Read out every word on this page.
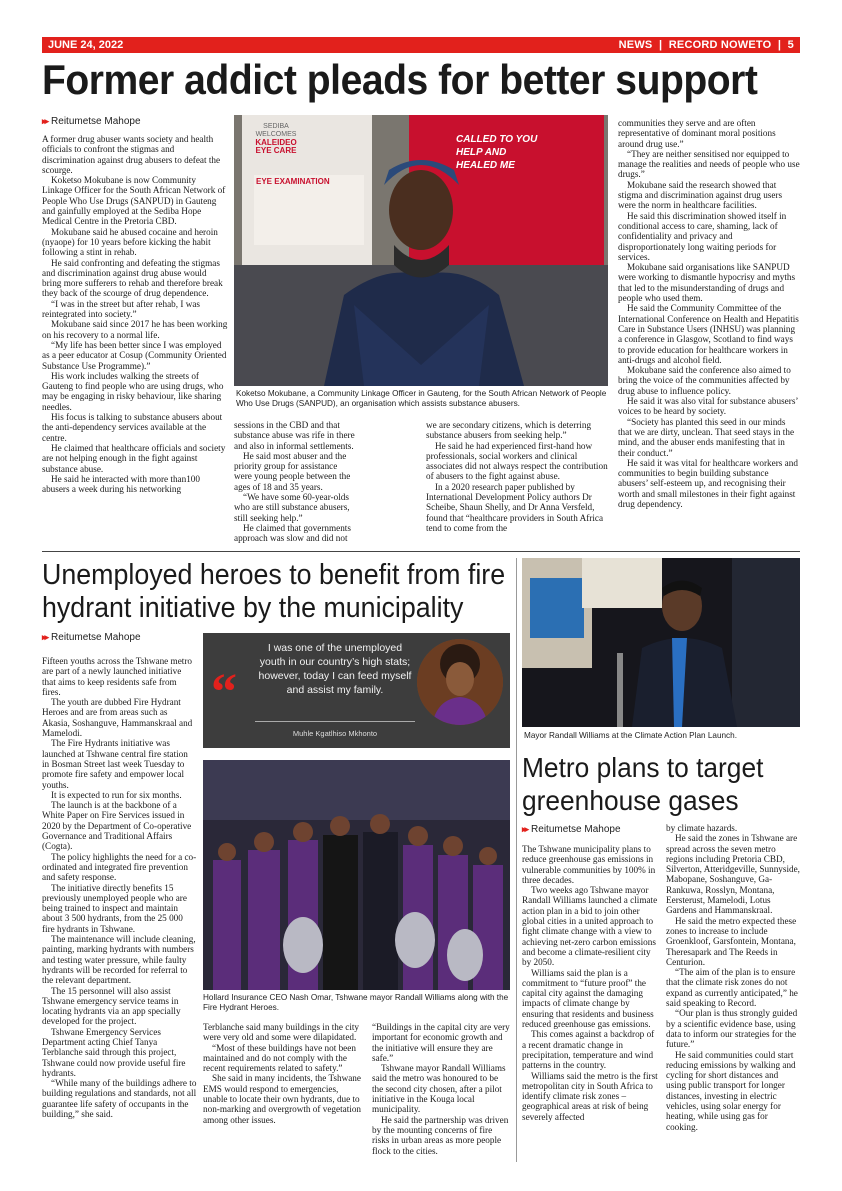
JUNE 24, 2022	NEWS  |  RECORD NOWETO  |  5
Former addict pleads for better support
▸▸ Reitumetse Mahope

A former drug abuser wants society and health officials to confront the stigmas and discrimination against drug abusers to defeat the scourge.

Koketso Mokubane is now Community Linkage Officer for the South African Network of People Who Use Drugs (SANPUD) in Gauteng and gainfully employed at the Sediba Hope Medical Centre in the Pretoria CBD.

Mokubane said he abused cocaine and heroin (nyaope) for 10 years before kicking the habit following a stint in rehab.

He said confronting and defeating the stigmas and discrimination against drug abuse would bring more sufferers to rehab and therefore break they back of the scourge of drug dependence.

“I was in the street but after rehab, I was reintegrated into society.”

Mokubane said since 2017 he has been working on his recovery to a normal life.

“My life has been better since I was employed as a peer educator at Cosup (Community Oriented Substance Use Programme).”

His work includes walking the streets of Gauteng to find people who are using drugs, who may be engaging in risky behaviour, like sharing needles.

His focus is talking to substance abusers about the anti-dependency services available at the centre.

He claimed that healthcare officials and society are not helping enough in the fight against substance abuse.

He said he interacted with more than100 abusers a week during his networking

SEDIBA
WELCOMES
KALEIDEO
EYE CARE
EYE EXAMINATION
CALLED TO YOU
HELP AND
HEALED ME
Koketso Mokubane, a Community Linkage Officer in Gauteng, for the South African Network of People Who Use Drugs (SANPUD), an organisation which assists substance abusers.

sessions in the CBD and that substance abuse was rife in there and also in informal settlements.

He said most abuser and the priority group for assistance were young people between the ages of 18 and 35 years.

“We have some 60-year-olds who are still substance abusers, still seeking help.”

He claimed that governments approach was slow and did not

we are secondary citizens, which is deterring substance abusers from seeking help.”

He said he had experienced first-hand how professionals, social workers and clinical associates did not always respect the contribution of abusers to the fight against abuse.

In a 2020 research paper published by International Development Policy authors Dr Scheibe, Shaun Shelly, and Dr Anna Versfeld, found that “healthcare providers in South Africa tend to come from the

communities they serve and are often representative of dominant moral positions around drug use.”

“They are neither sensitised nor equipped to manage the realities and needs of people who use drugs.”

Mokubane said the research showed that stigma and discrimination against drug users were the norm in healthcare facilities.

He said this discrimination showed itself in conditional access to care, shaming, lack of confidentiality and privacy and disproportionately long waiting periods for services.

Mokubane said organisations like SANPUD were working to dismantle hypocrisy and myths that led to the misunderstanding of drugs and people who used them.

He said the Community Committee of the International Conference on Health and Hepatitis Care in Substance Users (INHSU) was planning a conference in Glasgow, Scotland to find ways to provide education for healthcare workers in anti-drugs and alcohol field.

Mokubane said the conference also aimed to bring the voice of the communities affected by drug abuse to influence policy.

He said it was also vital for substance abusers’ voices to be heard by society.

“Society has planted this seed in our minds that we are dirty, unclean. That seed stays in the mind, and the abuser ends manifesting that in their conduct.”

He said it was vital for healthcare workers and communities to begin building substance abusers’ self-esteem up, and recognising their worth and small milestones in their fight against drug dependency.

Unemployed heroes to benefit from fire
hydrant initiative by the municipality
▸▸ Reitumetse Mahope

Fifteen youths across the Tshwane metro are part of a newly launched initiative that aims to keep residents safe from fires.

The youth are dubbed Fire Hydrant Heroes and are from areas such as Akasia, Soshanguve, Hammanskraal and Mamelodi.

The Fire Hydrants initiative was launched at Tshwane central fire station in Bosman Street last week Tuesday to promote fire safety and empower local youths.

It is expected to run for six months.

The launch is at the backbone of a White Paper on Fire Services issued in 2020 by the Department of Co-operative Governance and Traditional Affairs (Cogta).

The policy highlights the need for a co-ordinated and integrated fire prevention and safety response.

The initiative directly benefits 15 previously unemployed people who are being trained to inspect and maintain about 3 500 hydrants, from the 25 000 fire hydrants in Tshwane.

The maintenance will include cleaning, painting, marking hydrants with numbers and testing water pressure, while faulty hydrants will be recorded for referral to the relevant department.

The 15 personnel will also assist Tshwane emergency service teams in locating hydrants via an app specially developed for the project.

Tshwane Emergency Services Department acting Chief Tanya Terblanche said through this project, Tshwane could now provide useful fire hydrants.

“While many of the buildings adhere to building regulations and standards, not all guarantee life safety of occupants in the building,” she said.

“
I was one of the unemployed youth in our country’s high stats; however, today I can feed myself and assist my family.
Muhle Kgatlhiso Mkhonto
Hollard Insurance CEO Nash Omar, Tshwane mayor Randall Williams along with the Fire Hydrant Heroes.

Terblanche said many buildings in the city were very old and some were dilapidated.

“Most of these buildings have not been maintained and do not comply with the recent requirements related to safety.”

She said in many incidents, the Tshwane EMS would respond to emergencies, unable to locate their own hydrants, due to non-marking and overgrowth of vegetation among other issues.

“Buildings in the capital city are very important for economic growth and the initiative will ensure they are safe.”

Tshwane mayor Randall Williams said the metro was honoured to be the second city chosen, after a pilot initiative in the Kouga local municipality.

He said the partnership was driven by the mounting concerns of fire risks in urban areas as more people flock to the cities.

Mayor Randall Williams at the Climate Action Plan Launch.
Metro plans to target
greenhouse gases
▸▸ Reitumetse Mahope

The Tshwane municipality plans to reduce greenhouse gas emissions in vulnerable communities by 100% in three decades.

Two weeks ago Tshwane mayor Randall Williams launched a climate action plan in a bid to join other global cities in a united approach to fight climate change with a view to achieving net-zero carbon emissions and become a climate-resilient city by 2050.

Williams said the plan is a commitment to “future proof” the capital city against the damaging impacts of climate change by ensuring that residents and business reduced greenhouse gas emissions.

This comes against a backdrop of a recent dramatic change in precipitation, temperature and wind patterns in the country.

Williams said the metro is the first metropolitan city in South Africa to identify climate risk zones – geographical areas at risk of being severely affected

by climate hazards.

He said the zones in Tshwane are spread across the seven metro regions including Pretoria CBD, Silverton, Atteridgeville, Sunnyside, Mabopane, Soshanguve, Ga-Rankuwa, Rosslyn, Montana, Eersterust, Mamelodi, Lotus Gardens and Hammanskraal.

He said the metro expected these zones to increase to include Groenkloof, Garsfontein, Montana, Theresapark and The Reeds in Centurion.

“The aim of the plan is to ensure that the climate risk zones do not expand as currently anticipated,” he said speaking to Record.

“Our plan is thus strongly guided by a scientific evidence base, using data to inform our strategies for the future.”

He said communities could start reducing emissions by walking and cycling for short distances and using public transport for longer distances, investing in electric vehicles, using solar energy for heating, while using gas for cooking.
